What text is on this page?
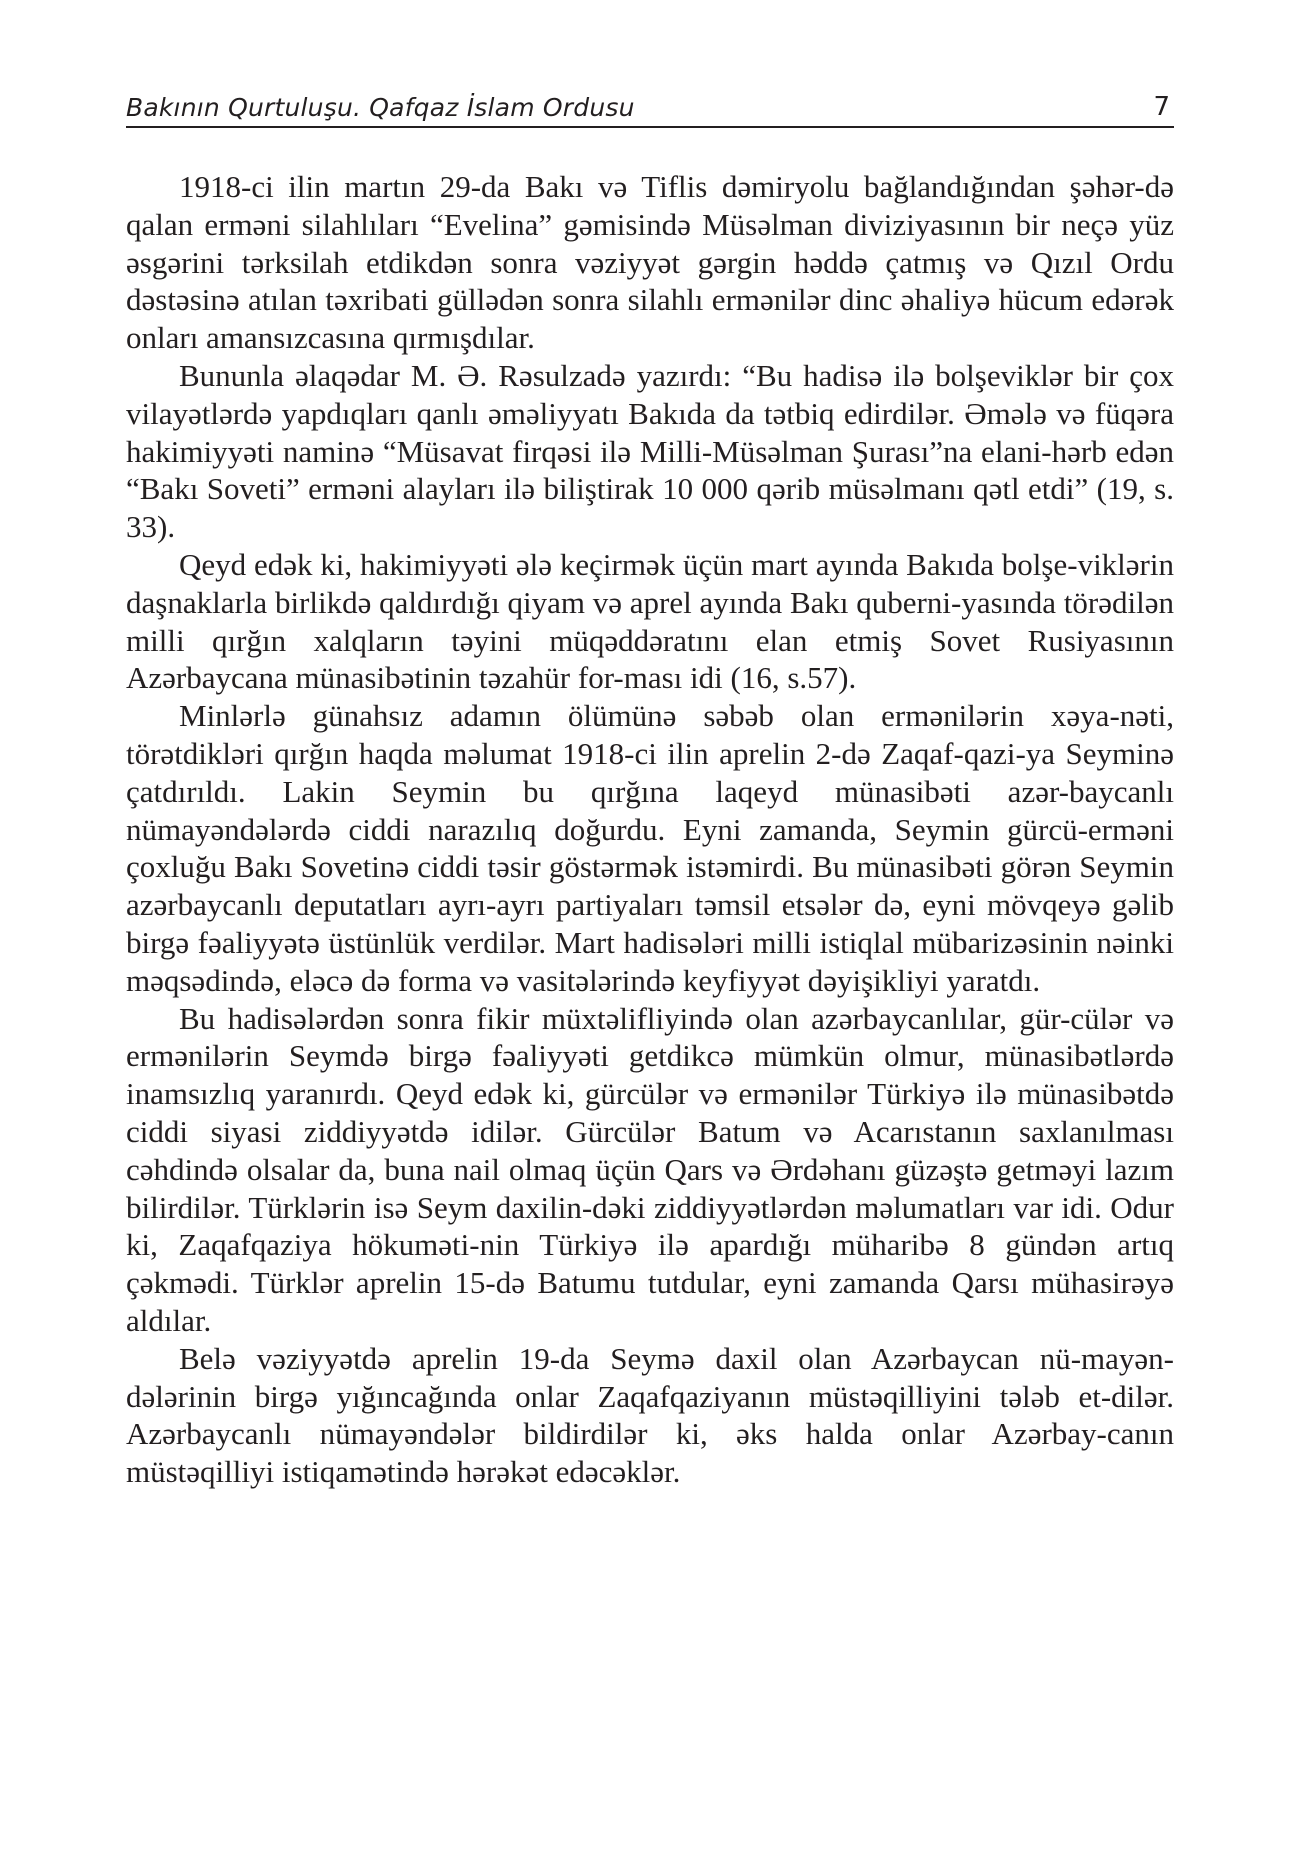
Bakının Qurtuluşu. Qafqaz İslam Ordusu	7

1918-ci ilin martın 29-da Bakı və Tiflis dəmiryolu bağlandığından şəhər-də qalan erməni silahlıları “Evelina” gəmisində Müsəlman diviziyasının bir neçə yüz əsgərini tərksilah etdikdən sonra vəziyyət gərgin həddə çatmış və Qızıl Ordu dəstəsinə atılan təxribati güllədən sonra silahlı ermənilər dinc əhaliyə hücum edərək onları amansızcasına qırmışdılar.

Bununla əlaqədar M. Ə. Rəsulzadə yazırdı: “Bu hadisə ilə bolşeviklər bir çox vilayətlərdə yapdıqları qanlı əməliyyatı Bakıda da tətbiq edirdilər. Əmələ və füqəra hakimiyyəti naminə “Müsavat firqəsi ilə Milli-Müsəlman Şurası”na elani-hərb edən “Bakı Soveti” erməni alayları ilə biliştirak 10 000 qərib müsəlmanı qətl etdi” (19, s. 33).

Qeyd edək ki, hakimiyyəti ələ keçirmək üçün mart ayında Bakıda bolşe-viklərin daşnaklarla birlikdə qaldırdığı qiyam və aprel ayında Bakı quberni-yasında törədilən milli qırğın xalqların təyini müqəddəratını elan etmiş Sovet Rusiyasının Azərbaycana münasibətinin təzahür for-ması idi (16, s.57).

Minlərlə günahsız adamın ölümünə səbəb olan ermənilərin xəya-nəti, törətdikləri qırğın haqda məlumat 1918-ci ilin aprelin 2-də Zaqaf-qazi-ya Seyminə çatdırıldı. Lakin Seymin bu qırğına laqeyd münasibəti azər-baycanlı nümayəndələrdə ciddi narazılıq doğurdu. Eyni zamanda, Seymin gürcü-erməni çoxluğu Bakı Sovetinə ciddi təsir göstərmək istəmirdi. Bu münasibəti görən Seymin azərbaycanlı deputatları ayrı-ayrı partiyaları təmsil etsələr də, eyni mövqeyə gəlib birgə fəaliyyətə üstünlük verdilər. Mart hadisələri milli istiqlal mübarizəsinin nəinki məqsədində, eləcə də forma və vasitələrində keyfiyyət dəyişikliyi yaratdı.

Bu hadisələrdən sonra fikir müxtəlifliyində olan azərbaycanlılar, gür-cülər və ermənilərin Seymdə birgə fəaliyyəti getdikcə mümkün olmur, münasibətlərdə inamsızlıq yaranırdı. Qeyd edək ki, gürcülər və ermənilər Türkiyə ilə münasibətdə ciddi siyasi ziddiyyətdə idilər. Gürcülər Batum və Acarıstanın saxlanılması cəhdində olsalar da, buna nail olmaq üçün Qars və Ərdəhanı güzəştə getməyi lazım bilirdilər. Türklərin isə Seym daxilin-dəki ziddiyyətlərdən məlumatları var idi. Odur ki, Zaqafqaziya hökuməti-nin Türkiyə ilə apardığı müharibə 8 gündən artıq çəkmədi. Türklər aprelin 15-də Batumu tutdular, eyni zamanda Qarsı mühasirəyə aldılar.

Belə vəziyyətdə aprelin 19-da Seymə daxil olan Azərbaycan nü-mayən-dələrinin birgə yığıncağında onlar Zaqafqaziyanın müstəqilliyini tələb et-dilər. Azərbaycanlı nümayəndələr bildirdilər ki, əks halda onlar Azərbay-canın müstəqilliyi istiqamətində hərəkət edəcəklər.
